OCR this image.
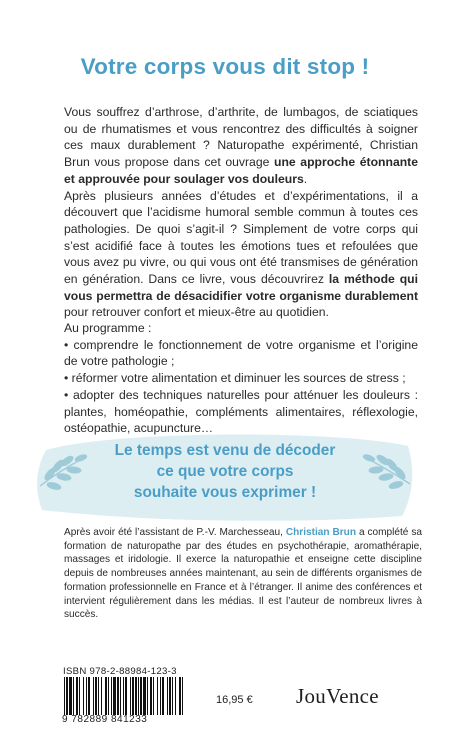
Votre corps vous dit stop !

Vous souffrez d’arthrose, d’arthrite, de lumbagos, de sciatiques ou de rhumatismes et vous rencontrez des difficultés à soigner ces maux durablement ? Naturopathe expérimenté, Christian Brun vous propose dans cet ouvrage une approche étonnante et approuvée pour soulager vos douleurs.

Après plusieurs années d’études et d’expérimentations, il a découvert que l’acidisme humoral semble commun à toutes ces pathologies. De quoi s’agit-il ? Simplement de votre corps qui s’est acidifié face à toutes les émotions tues et refoulées que vous avez pu vivre, ou qui vous ont été transmises de génération en génération. Dans ce livre, vous découvrirez la méthode qui vous permettra de désacidifier votre organisme durablement pour retrouver confort et mieux-être au quotidien.

Au programme :

• comprendre le fonctionnement de votre organisme et l’origine de votre pathologie ;
• réformer votre alimentation et diminuer les sources de stress ;
• adopter des techniques naturelles pour atténuer les douleurs : plantes, homéopathie, compléments alimentaires, réflexologie, ostéopathie, acupuncture…
Le temps est venu de décoder
ce que votre corps
souhaite vous exprimer !

Après avoir été l’assistant de P.-V. Marchesseau, Christian Brun a complété sa formation de naturopathe par des études en psychothérapie, aromathérapie, massages et iridologie. Il exerce la naturopathie et enseigne cette discipline depuis de nombreuses années maintenant, au sein de différents organismes de formation professionnelle en France et à l’étranger. Il anime des conférences et intervient régulièrement dans les médias. Il est l’auteur de nombreux livres à succès.

ISBN 978-2-88984-123-3
9 782889 841233
16,95 € JouVence
